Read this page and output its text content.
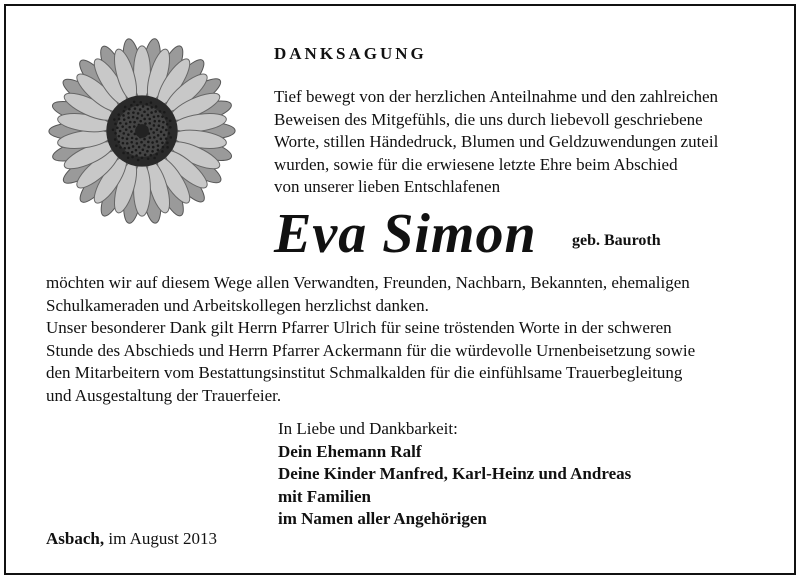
DANKSAGUNG
Tief bewegt von der herzlichen Anteilnahme und den zahlreichen
Beweisen des Mitgefühls, die uns durch liebevoll geschriebene
Worte, stillen Händedruck, Blumen und Geldzuwendungen zuteil
wurden, sowie für die erwiesene letzte Ehre beim Abschied
von unserer lieben Entschlafenen
Eva Simon geb. Bauroth
möchten wir auf diesem Wege allen Verwandten, Freunden, Nachbarn, Bekannten, ehemaligen
Schulkameraden und Arbeitskollegen herzlichst danken.
Unser besonderer Dank gilt Herrn Pfarrer Ulrich für seine tröstenden Worte in der schweren
Stunde des Abschieds und Herrn Pfarrer Ackermann für die würdevolle Urnenbeisetzung sowie
den Mitarbeitern vom Bestattungsinstitut Schmalkalden für die einfühlsame Trauerbegleitung
und Ausgestaltung der Trauerfeier.
In Liebe und Dankbarkeit:
Dein Ehemann Ralf
Deine Kinder Manfred, Karl-Heinz und Andreas
mit Familien
im Namen aller Angehörigen
Asbach, im August 2013
